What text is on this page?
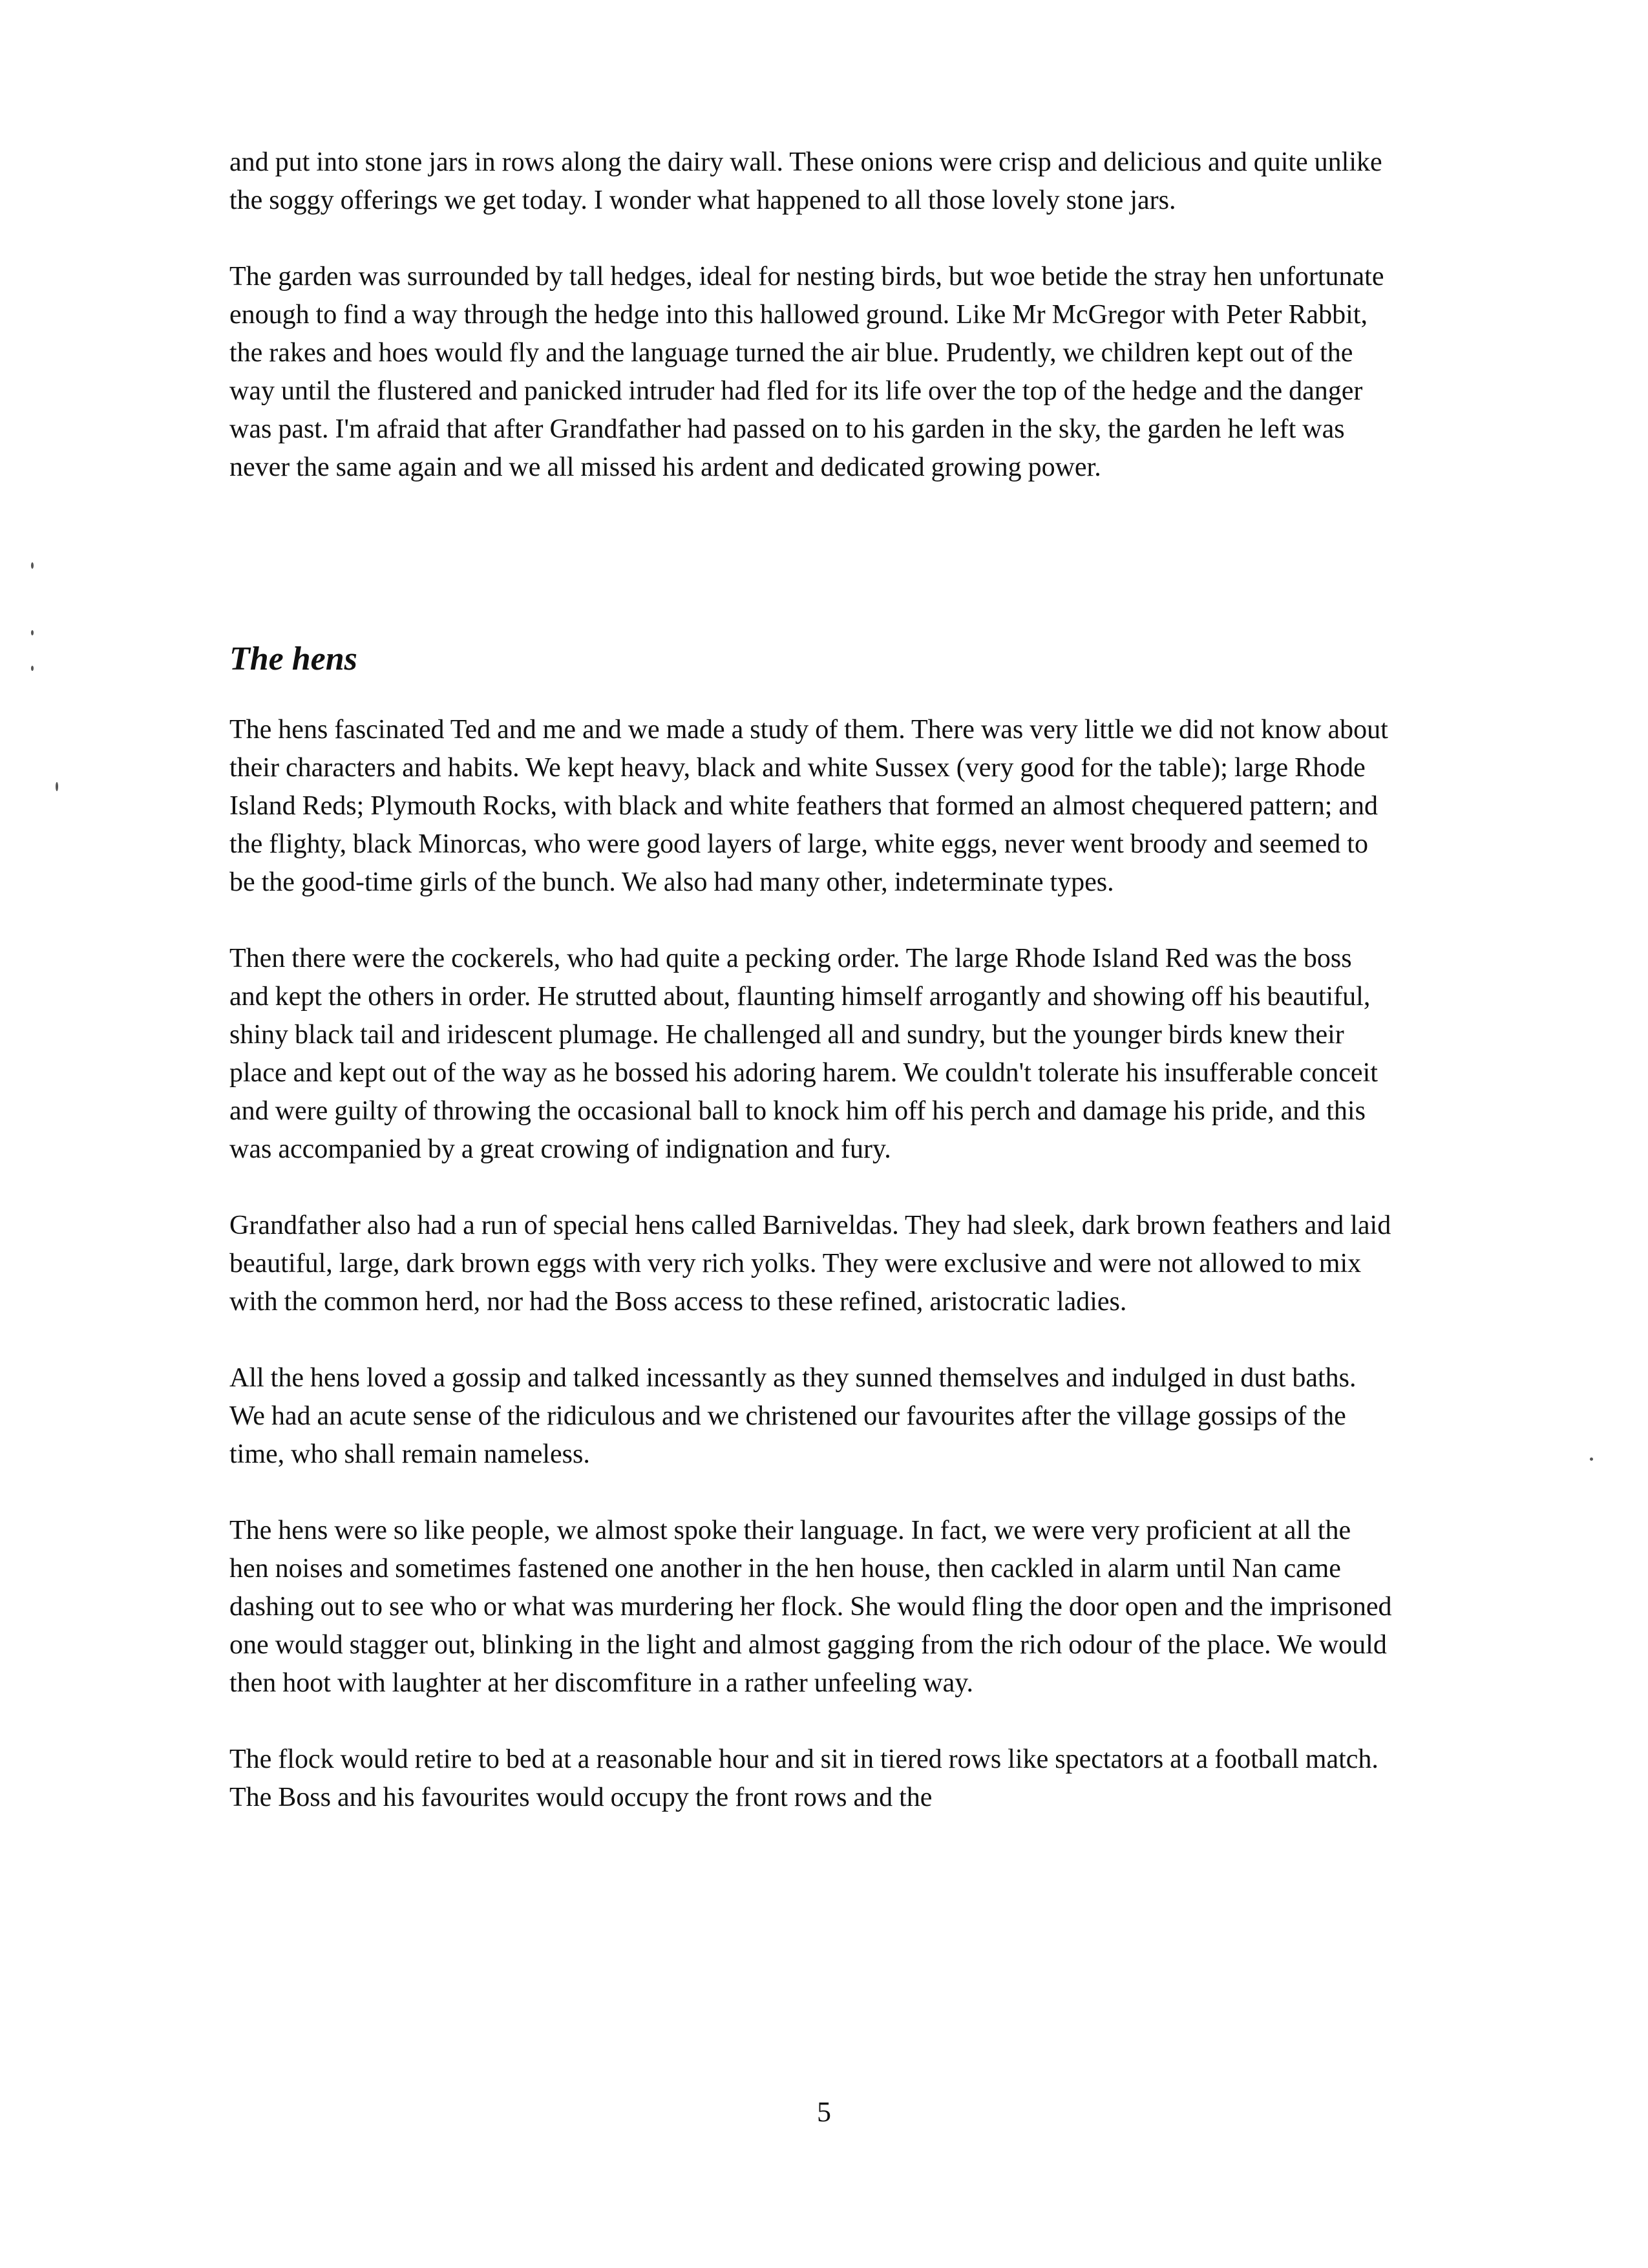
and put into stone jars in rows along the dairy wall. These onions were crisp and delicious and quite unlike the soggy offerings we get today. I wonder what happened to all those lovely stone jars.

The garden was surrounded by tall hedges, ideal for nesting birds, but woe betide the stray hen unfortunate enough to find a way through the hedge into this hallowed ground. Like Mr McGregor with Peter Rabbit, the rakes and hoes would fly and the language turned the air blue. Prudently, we children kept out of the way until the flustered and panicked intruder had fled for its life over the top of the hedge and the danger was past. I'm afraid that after Grandfather had passed on to his garden in the sky, the garden he left was never the same again and we all missed his ardent and dedicated growing power.

The hens

The hens fascinated Ted and me and we made a study of them. There was very little we did not know about their characters and habits. We kept heavy, black and white Sussex (very good for the table); large Rhode Island Reds; Plymouth Rocks, with black and white feathers that formed an almost chequered pattern; and the flighty, black Minorcas, who were good layers of large, white eggs, never went broody and seemed to be the good-time girls of the bunch. We also had many other, indeterminate types.

Then there were the cockerels, who had quite a pecking order. The large Rhode Island Red was the boss and kept the others in order. He strutted about, flaunting himself arrogantly and showing off his beautiful, shiny black tail and iridescent plumage. He challenged all and sundry, but the younger birds knew their place and kept out of the way as he bossed his adoring harem. We couldn't tolerate his insufferable conceit and were guilty of throwing the occasional ball to knock him off his perch and damage his pride, and this was accompanied by a great crowing of indignation and fury.

Grandfather also had a run of special hens called Barniveldas. They had sleek, dark brown feathers and laid beautiful, large, dark brown eggs with very rich yolks. They were exclusive and were not allowed to mix with the common herd, nor had the Boss access to these refined, aristocratic ladies.

All the hens loved a gossip and talked incessantly as they sunned themselves and indulged in dust baths. We had an acute sense of the ridiculous and we christened our favourites after the village gossips of the time, who shall remain nameless.

The hens were so like people, we almost spoke their language. In fact, we were very proficient at all the hen noises and sometimes fastened one another in the hen house, then cackled in alarm until Nan came dashing out to see who or what was murdering her flock. She would fling the door open and the imprisoned one would stagger out, blinking in the light and almost gagging from the rich odour of the place. We would then hoot with laughter at her discomfiture in a rather unfeeling way.

The flock would retire to bed at a reasonable hour and sit in tiered rows like spectators at a football match. The Boss and his favourites would occupy the front rows and the

5
